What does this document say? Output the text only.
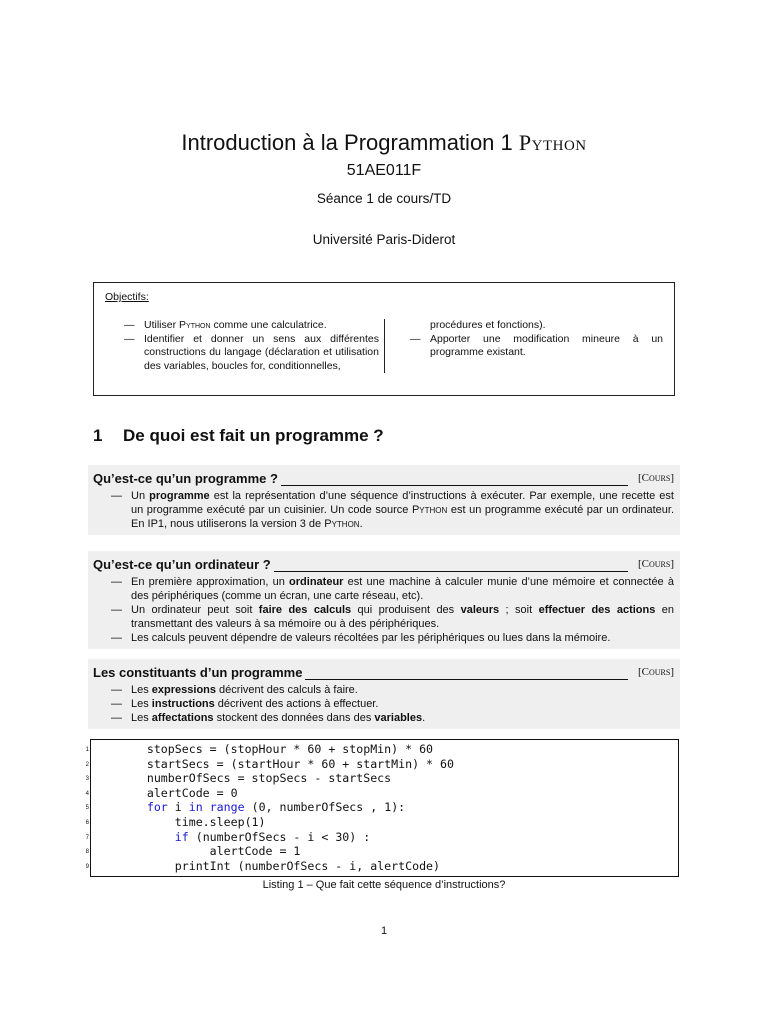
Introduction à la Programmation 1 Python
51AE011F
Séance 1 de cours/TD
Université Paris-Diderot
Objectifs:
— Utiliser Python comme une calculatrice.
— Identifier et donner un sens aux différentes constructions du langage (déclaration et utilisation des variables, boucles for, conditionnelles,
procédures et fonctions).
— Apporter une modification mineure à un programme existant.
1 De quoi est fait un programme ?
Qu’est-ce qu’un programme ?	[Cours]
— Un programme est la représentation d’une séquence d’instructions à exécuter. Par exemple, une recette est un programme exécuté par un cuisinier. Un code source Python est un programme exécuté par un ordinateur. En IP1, nous utiliserons la version 3 de Python.
Qu’est-ce qu’un ordinateur ?	[Cours]
— En première approximation, un ordinateur est une machine à calculer munie d’une mémoire et connectée à des périphériques (comme un écran, une carte réseau, etc).
— Un ordinateur peut soit faire des calculs qui produisent des valeurs ; soit effectuer des actions en transmettant des valeurs à sa mémoire ou à des périphériques.
— Les calculs peuvent dépendre de valeurs récoltées par les périphériques ou lues dans la mémoire.
Les constituants d’un programme	[Cours]
— Les expressions décrivent des calculs à faire.
— Les instructions décrivent des actions à effectuer.
— Les affectations stockent des données dans des variables.
1	stopSecs = (stopHour * 60 + stopMin) * 60
2	startSecs = (startHour * 60 + startMin) * 60
3	numberOfSecs = stopSecs - startSecs
4	alertCode = 0
5	for i in range (0, numberOfSecs , 1):
6	time.sleep(1)
7	if (numberOfSecs - i < 30) :
8	alertCode = 1
9	printInt (numberOfSecs - i, alertCode)
Listing 1 – Que fait cette séquence d’instructions?
1
